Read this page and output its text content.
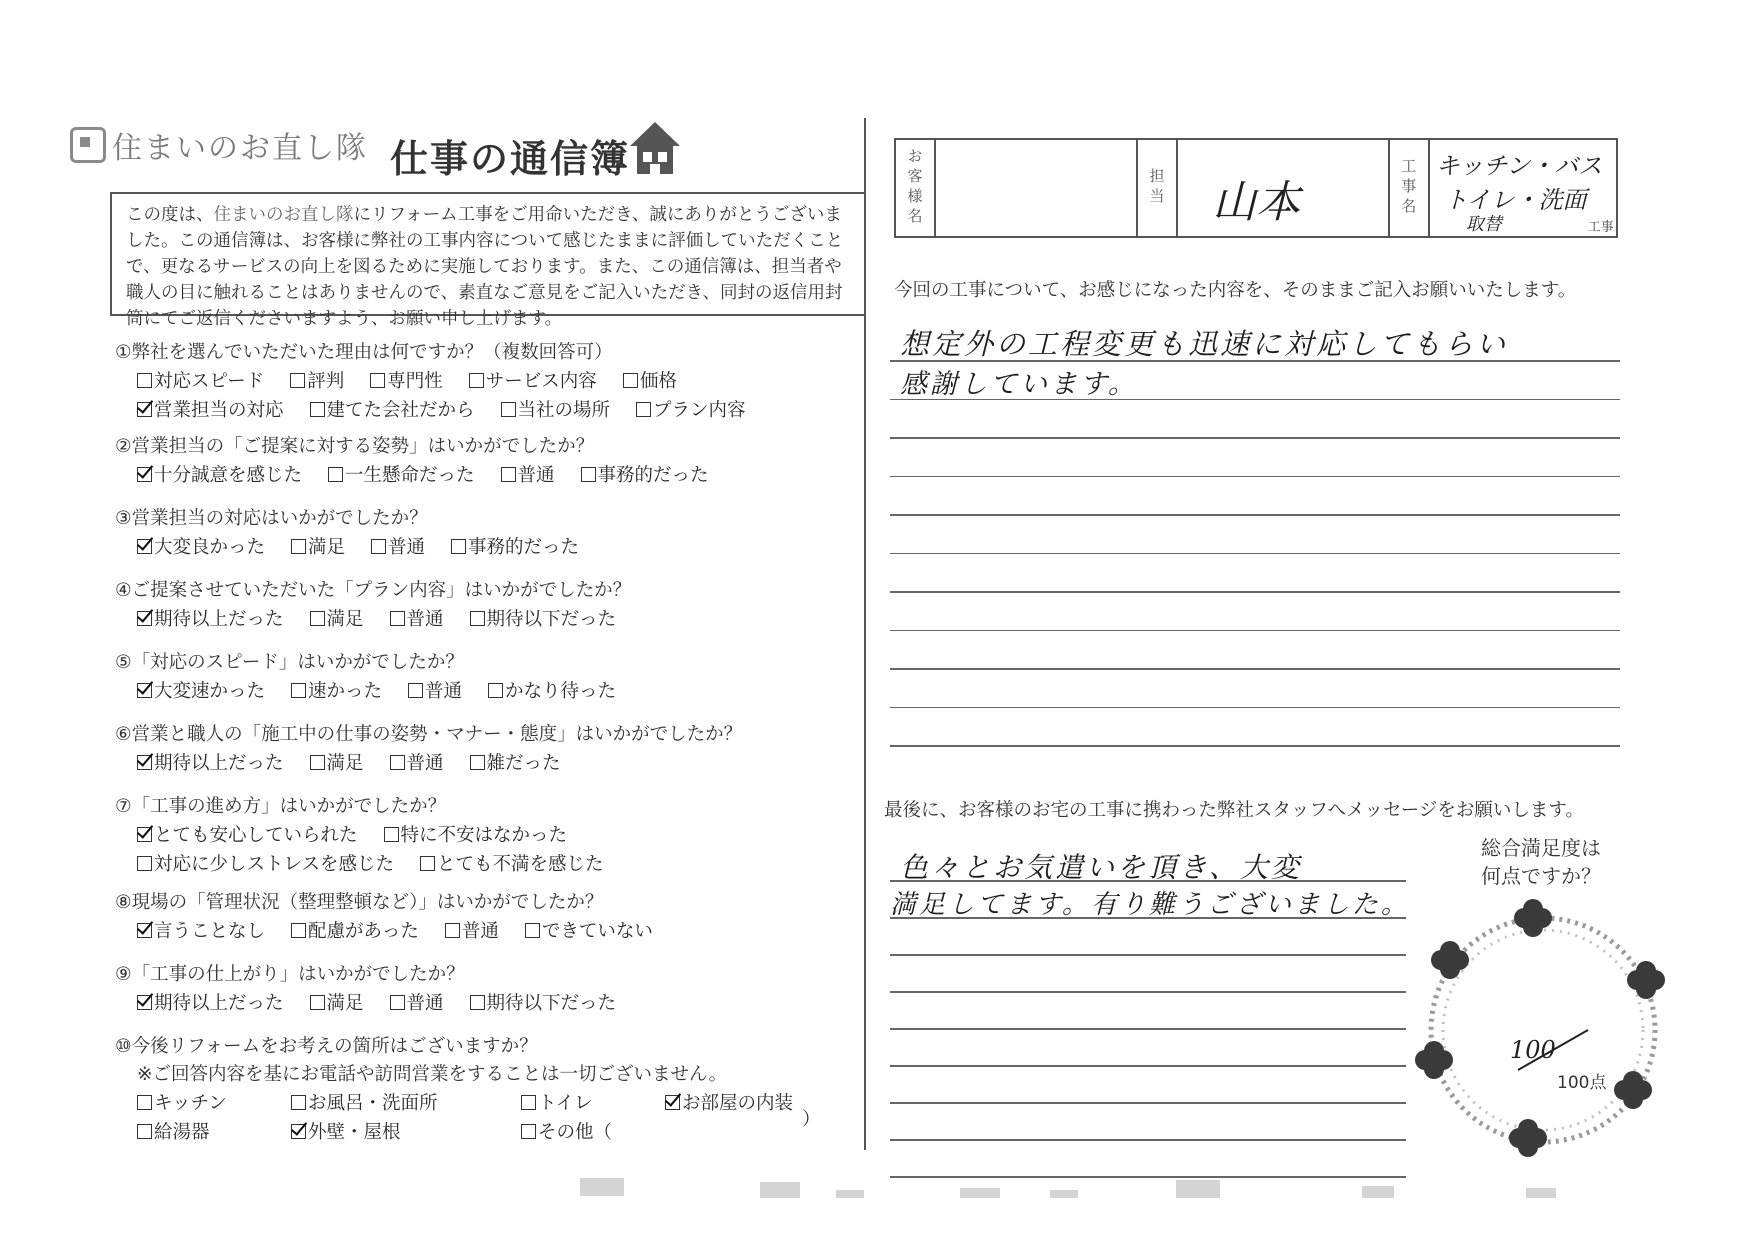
住まいのお直し隊 仕事の通信簿
この度は、住まいのお直し隊にリフォーム工事をご用命いただき、誠にありがとうございました。この通信簿は、お客様に弊社の工事内容について感じたままに評価していただくことで、更なるサービスの向上を図るために実施しております。また、この通信簿は、担当者や職人の目に触れることはありませんので、素直なご意見をご記入いただき、同封の返信用封筒にてご返信くださいますよう、お願い申し上げます。
①弊社を選んでいただいた理由は何ですか？（複数回答可）
対応スピード 評判 専門性 サービス内容 価格
営業担当の対応 建てた会社だから 当社の場所 プラン内容
②営業担当の「ご提案に対する姿勢」はいかがでしたか？
十分誠意を感じた 一生懸命だった 普通 事務的だった
③営業担当の対応はいかがでしたか？
大変良かった 満足 普通 事務的だった
④ご提案させていただいた「プラン内容」はいかがでしたか？
期待以上だった 満足 普通 期待以下だった
⑤「対応のスピード」はいかがでしたか？
大変速かった 速かった 普通 かなり待った
⑥営業と職人の「施工中の仕事の姿勢・マナー・態度」はいかがでしたか？
期待以上だった 満足 普通 雑だった
⑦「工事の進め方」はいかがでしたか？
とても安心していられた 特に不安はなかった
対応に少しストレスを感じた とても不満を感じた
⑧現場の「管理状況（整理整頓など）」はいかがでしたか？
言うことなし 配慮があった 普通 できていない
⑨「工事の仕上がり」はいかがでしたか？
期待以上だった 満足 普通 期待以下だった
⑩今後リフォームをお考えの箇所はございますか？
※ご回答内容を基にお電話や訪問営業をすることは一切ございません。
キッチン	お風呂・洗面所	トイレ	お部屋の内装
給湯器	外壁・屋根	その他（
）
お客様名	担当 山本	工事名 キッチン・バス
トイレ・洗面
取替	工事
今回の工事について、お感じになった内容を、そのままご記入お願いいたします。
想定外の工程変更も迅速に対応してもらい
感謝しています。
最後に、お客様のお宅の工事に携わった弊社スタッフへメッセージをお願いします。
色々とお気遣いを頂き、大変
満足してます。有り難うございました。
総合満足度は
何点ですか？
100
100点
